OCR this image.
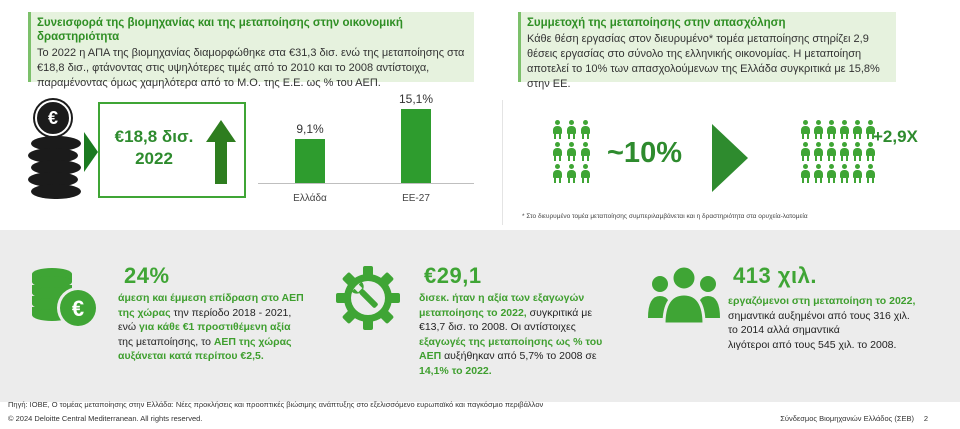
Συνεισφορά της βιομηχανίας και της μεταποίησης στην οικονομική δραστηριότητα
Το 2022 η ΑΠΑ της βιομηχανίας διαμορφώθηκε στα €31,3 δισ. ενώ της μεταποίησης στα €18,8 δισ., φτάνοντας στις υψηλότερες τιμές από το 2010 και το 2008 αντίστοιχα, παραμένοντας όμως χαμηλότερα από το Μ.Ο. της Ε.Ε. ως % του ΑΕΠ.
Συμμετοχή της μεταποίησης στην απασχόληση
Κάθε θέση εργασίας στον διευρυμένο* τομέα μεταποίησης στηρίζει 2,9 θέσεις εργασίας στο σύνολο της ελληνικής οικονομίας. Η μεταποίηση αποτελεί το 10% των απασχολούμενων της Ελλάδα συγκριτικά με 15,8% στην ΕΕ.
€
€18,8 δισ.
2022
9,1%
Ελλάδα
15,1%
ΕΕ-27
~10%
+2,9X
* Στο διευρυμένο τομέα μεταποίησης συμπεριλαμβάνεται και η δραστηριότητα στα ορυχεία-λατομεία
€
24%
άμεση και έμμεση επίδραση στο ΑΕΠ
της χώρας την περίοδο 2018 - 2021,
ενώ για κάθε €1 προστιθέμενη αξία
της μεταποίησης, το ΑΕΠ της χώρας
αυξάνεται κατά περίπου €2,5.
€29,1
δισεκ. ήταν η αξία των εξαγωγών
μεταποίησης το 2022, συγκριτικά με
€13,7 δισ. το 2008. Οι αντίστοιχες
εξαγωγές της μεταποίησης ως % του
ΑΕΠ αυξήθηκαν από 5,7% το 2008 σε
14,1% το 2022.
413 χιλ.
εργαζόμενοι στη μεταποίηση το 2022,
σημαντικά αυξημένοι από τους 316 χιλ.
το 2014 αλλά σημαντικά
λιγότεροι από τους 545 χιλ. το 2008.
Πηγή: ΙΟΒΕ, Ο τομέας μεταποίησης στην Ελλάδα: Νέες προκλήσεις και προοπτικές βιώσιμης ανάπτυξης στο εξελισσόμενο ευρωπαϊκό και παγκόσμιο περιβάλλον
© 2024 Deloitte Central Mediterranean. All rights reserved.	Σύνδεσμος Βιομηχανιών Ελλάδος (ΣΕΒ) 2
